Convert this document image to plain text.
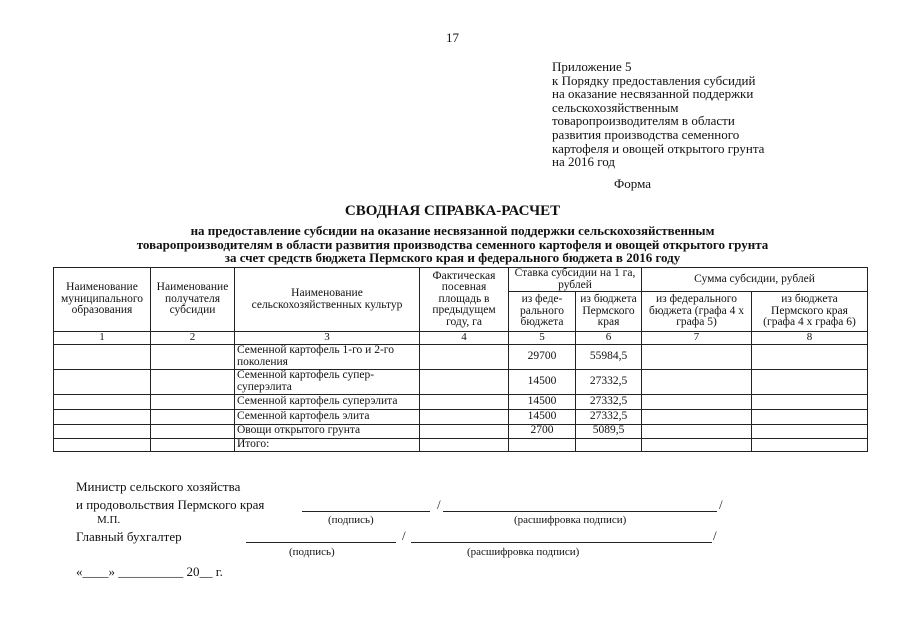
17
Приложение 5
к Порядку предоставления субсидий
на оказание несвязанной поддержки
сельскохозяйственным
товаропроизводителям в области
развития производства семенного
картофеля и овощей открытого грунта
на 2016 год
Форма
СВОДНАЯ СПРАВКА-РАСЧЕТ
на предоставление субсидии на оказание несвязанной поддержки сельскохозяйственным
товаропроизводителям в области развития производства семенного картофеля и овощей открытого грунта
за счет средств бюджета Пермского края и федерального бюджета в 2016 году
Наименование муниципального образования	Наименование получателя субсидии	Наименование сельскохозяйственных культур	Фактическая посевная площадь в предыдущем году, га	Ставка субсидии на 1 га, рублей		Сумма субсидии, рублей	
				из феде-рального бюджета	из бюджета Пермского края	из федерального бюджета (графа 4 х графа 5)	из бюджета Пермского края (графа 4 х графа 6)
1	2	3	4	5	6	7	8
		Семенной картофель 1-го и 2-го поколения		29700	55984,5		
		Семенной картофель супер-суперэлита		14500	27332,5		
		Семенной картофель суперэлита		14500	27332,5		
		Семенной картофель элита		14500	27332,5		
		Овощи открытого грунта		2700	5089,5		
		Итого:					
Министр сельского хозяйства
и продовольствия Пермского края	/	/
М.П.	(подпись)	(расшифровка подписи)
Главный бухгалтер	/	/
(подпись)	(расшифровка подписи)
«____» __________ 20__ г.
